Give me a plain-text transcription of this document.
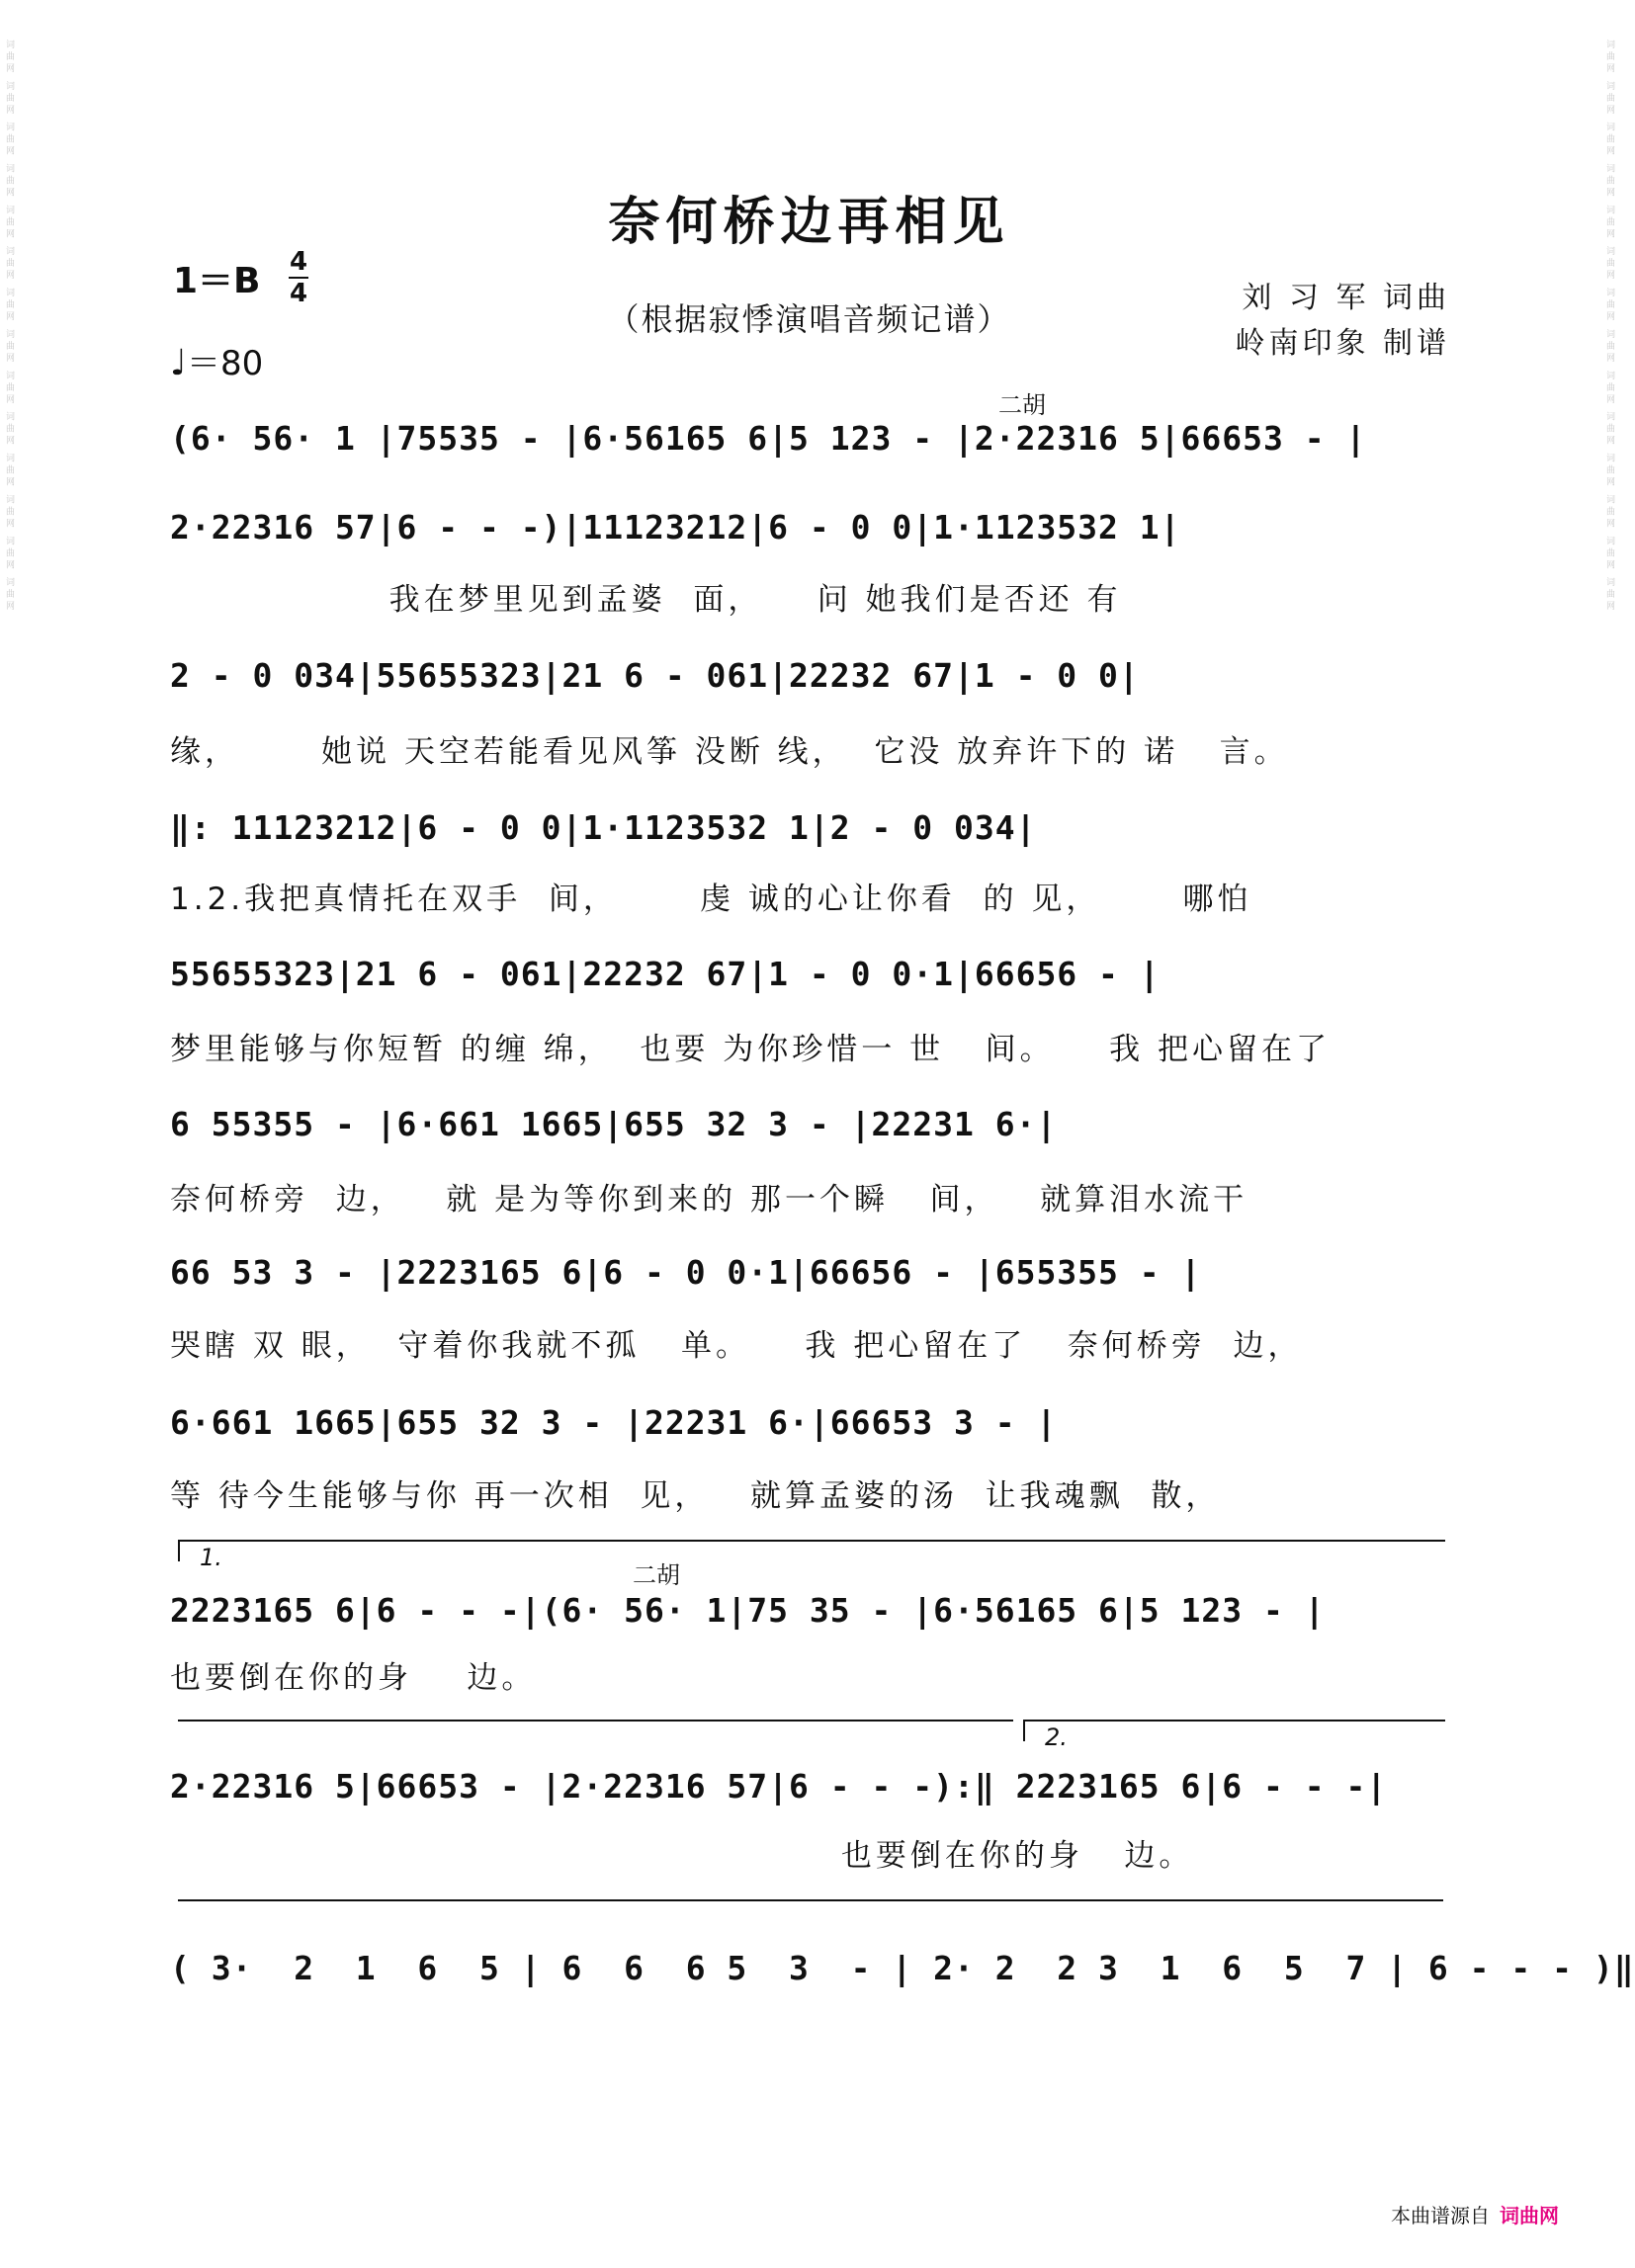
词曲网 词曲网 词曲网 词曲网 词曲网 词曲网 词曲网 词曲网 词曲网 词曲网 词曲网 词曲网 词曲网 词曲网	词曲网 词曲网 词曲网 词曲网 词曲网 词曲网 词曲网 词曲网 词曲网 词曲网 词曲网 词曲网 词曲网 词曲网
奈何桥边再相见
1＝B 4
4
♩＝80
（根据寂悸演唱音频记谱）
刘 习 军 词曲
岭南印象 制谱
二胡
(6· 56· 1 |75535 - |6·56165 6|5 123 - |2·22316 5|66653 - |
2·22316 57|6 - - -)|11123212|6 - 0 0|1·1123532 1|
我在梦里见到孟婆  面，    问 她我们是否还 有
2 - 0 034|55655323|21 6 - 061|22232 67|1 - 0 0|
缘，      她说 天空若能看见风筝 没断 线，  它没 放弃许下的 诺   言。
‖: 11123212|6 - 0 0|1·1123532 1|2 - 0 034|
1.2.我把真情托在双手  间，      虔 诚的心让你看  的 见，      哪怕
55655323|21 6 - 061|22232 67|1 - 0 0·1|66656 - |
梦里能够与你短暂 的缠 绵，  也要 为你珍惜一 世   间。    我 把心留在了
6 55355 - |6·661 1665|655 32 3 - |22231 6·|
奈何桥旁  边，   就 是为等你到来的 那一个瞬   间，   就算泪水流干
66 53 3 - |2223165 6|6 - 0 0·1|66656 - |655355 - |
哭瞎 双 眼，  守着你我就不孤   单。    我 把心留在了   奈何桥旁  边，
6·661 1665|655 32 3 - |22231 6·|66653 3 - |
等 待今生能够与你 再一次相  见，   就算孟婆的汤  让我魂飘  散，
1.
二胡
2223165 6|6 - - -|(6· 56· 1|75 35 - |6·56165 6|5 123 - |
也要倒在你的身    边。
2.
2·22316 5|66653 - |2·22316 57|6 - - -):‖ 2223165 6|6 - - -|
也要倒在你的身   边。
( 3·  2  1  6  5 | 6  6  6 5  3  - | 2· 2  2 3  1  6  5  7 | 6 - - - )‖
本曲谱源自 词曲网
